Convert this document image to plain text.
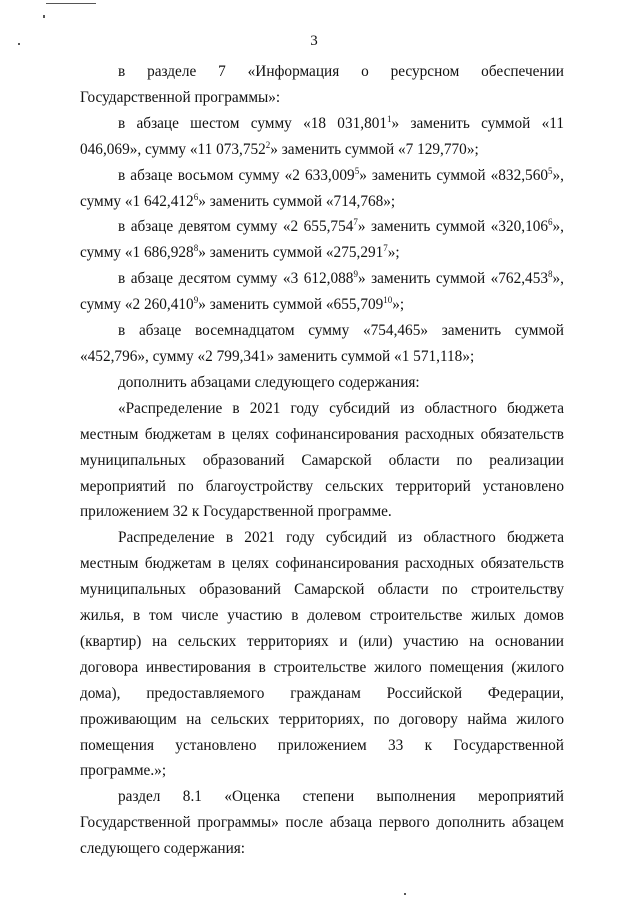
3

в разделе 7 «Информация о ресурсном обеспечении Государственной программы»:

в абзаце шестом сумму «18 031,801$^1$» заменить суммой «11 046,069», сумму «11 073,752$^2$» заменить суммой «7 129,770»;

в абзаце восьмом сумму «2 633,009$^5$» заменить суммой «832,560$^5$», сумму «1 642,412$^6$» заменить суммой «714,768»;

в абзаце девятом сумму «2 655,754$^7$» заменить суммой «320,106$^6$», сумму «1 686,928$^8$» заменить суммой «275,291$^7$»;

в абзаце десятом сумму «3 612,088$^9$» заменить суммой «762,453$^8$», сумму «2 260,410$^9$» заменить суммой «655,709$^{10}$»;

в абзаце восемнадцатом сумму «754,465» заменить суммой «452,796», сумму «2 799,341» заменить суммой «1 571,118»;

дополнить абзацами следующего содержания:

«Распределение в 2021 году субсидий из областного бюджета местным бюджетам в целях софинансирования расходных обязательств муниципальных образований Самарской области по реализации мероприятий по благоустройству сельских территорий установлено приложением 32 к Государственной программе.

Распределение в 2021 году субсидий из областного бюджета местным бюджетам в целях софинансирования расходных обязательств муниципальных образований Самарской области по строительству жилья, в том числе участию в долевом строительстве жилых домов (квартир) на сельских территориях и (или) участию на основании договора инвестирования в строительстве жилого помещения (жилого дома), предоставляемого гражданам Российской Федерации, проживающим на сельских территориях, по договору найма жилого помещения установлено приложением 33 к Государственной программе.»;

раздел 8.1 «Оценка степени выполнения мероприятий Государственной программы» после абзаца первого дополнить абзацем следующего содержания:
